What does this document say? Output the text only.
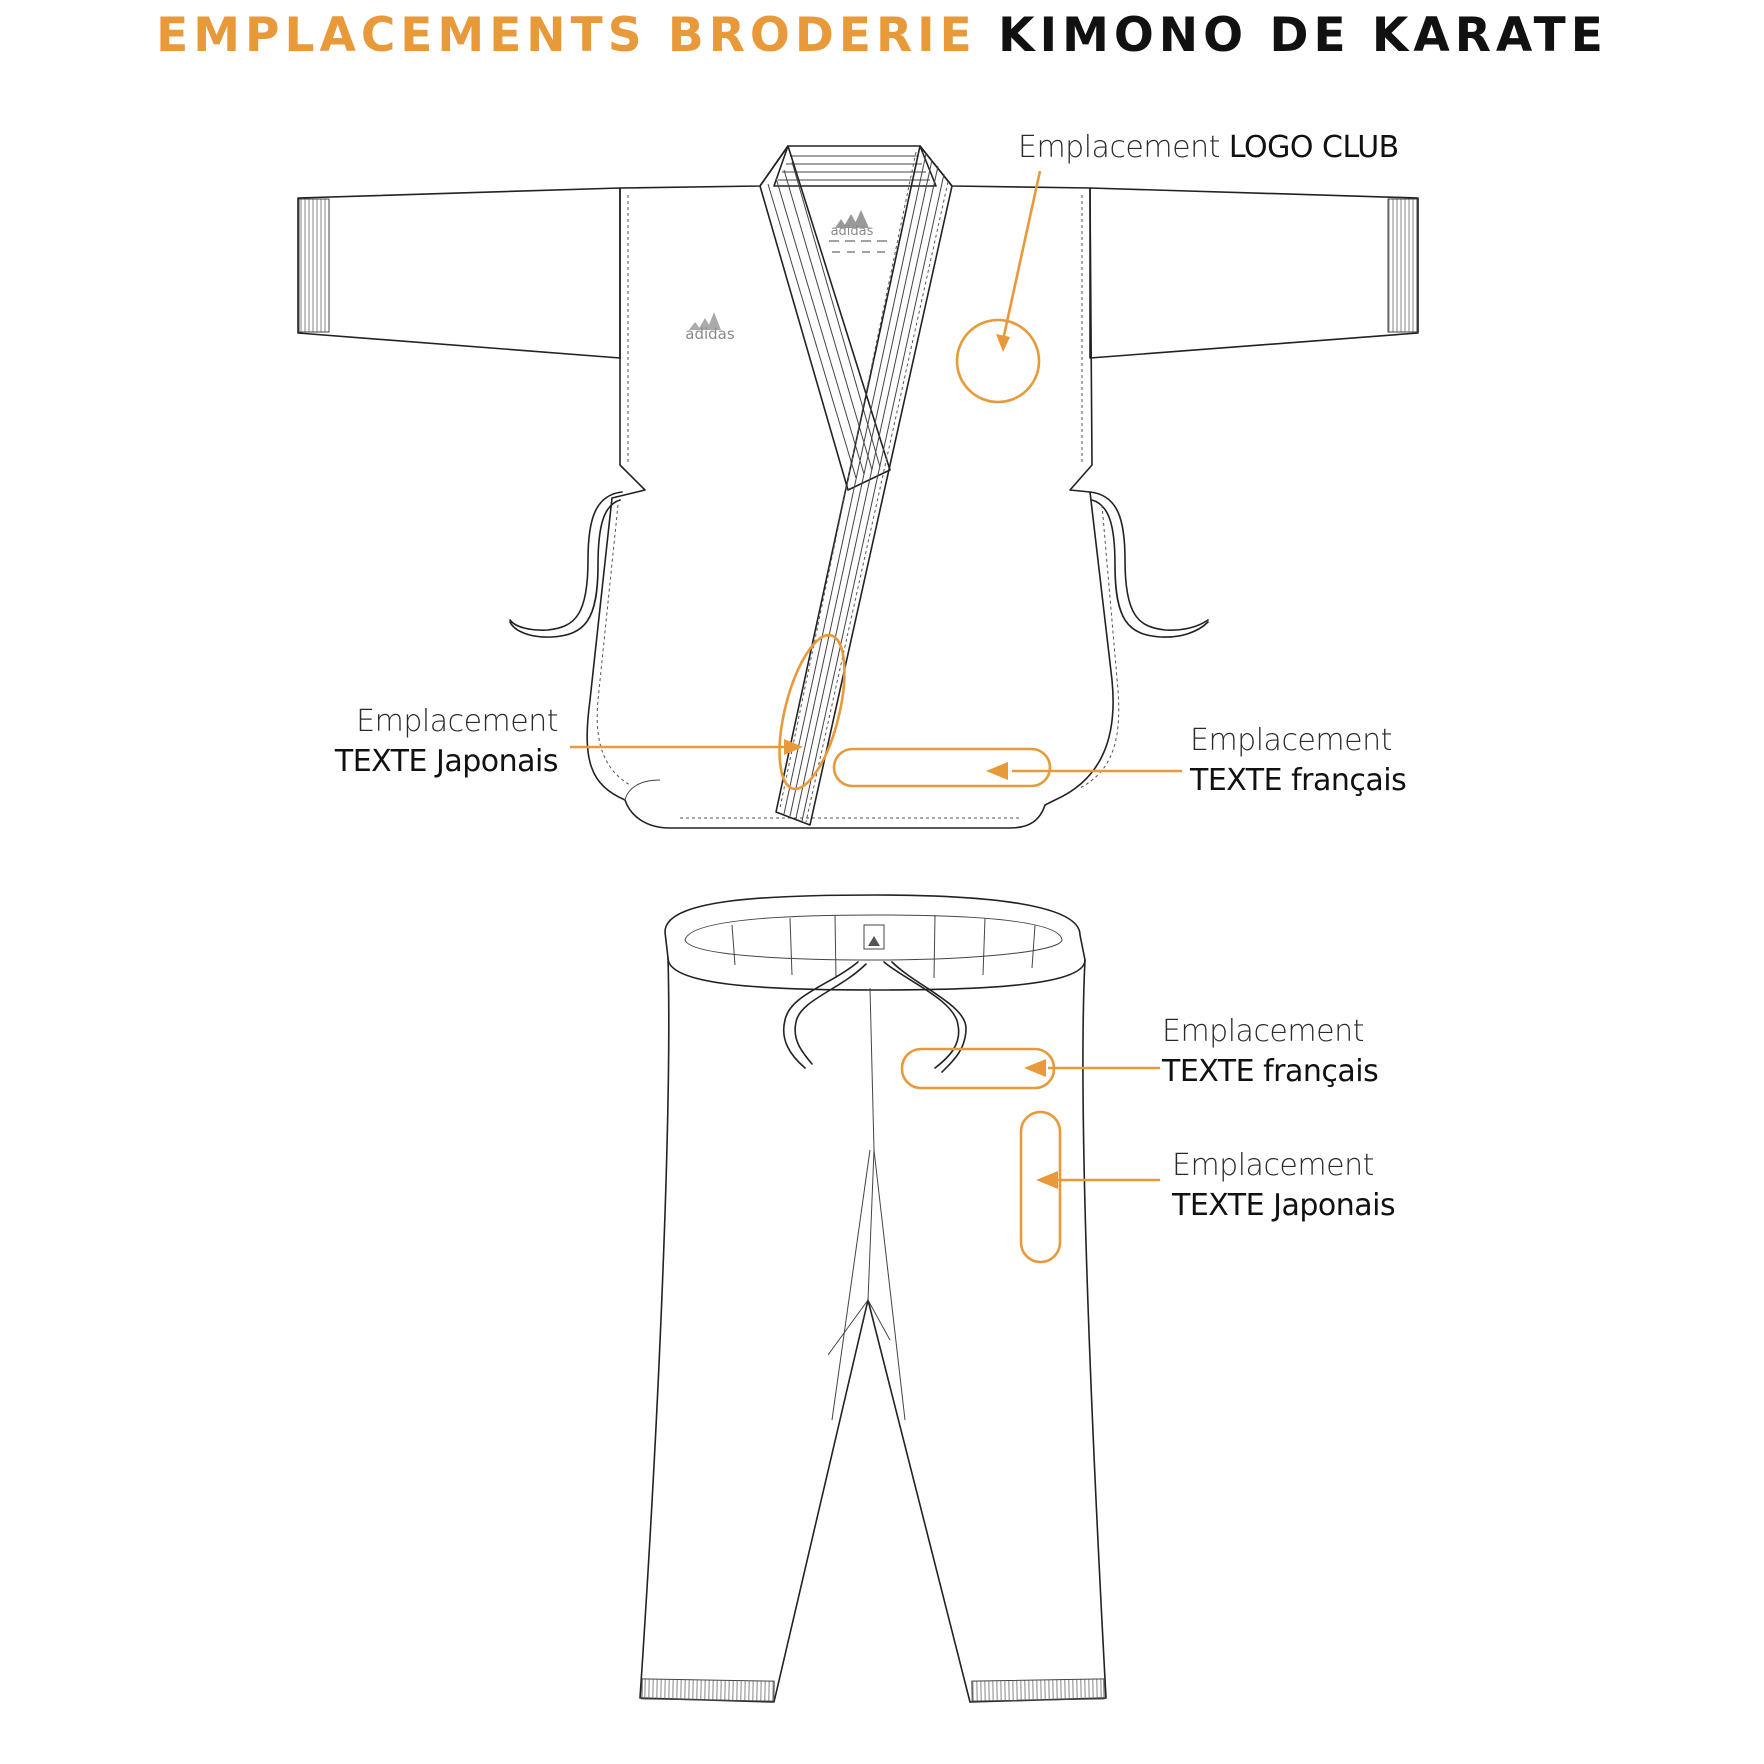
EMPLACEMENTS BRODERIE KIMONO DE KARATE
adidas
adidas
Emplacement LOGO CLUB
Emplacement
TEXTE Japonais
Emplacement
TEXTE français
Emplacement
TEXTE français
Emplacement
TEXTE Japonais
